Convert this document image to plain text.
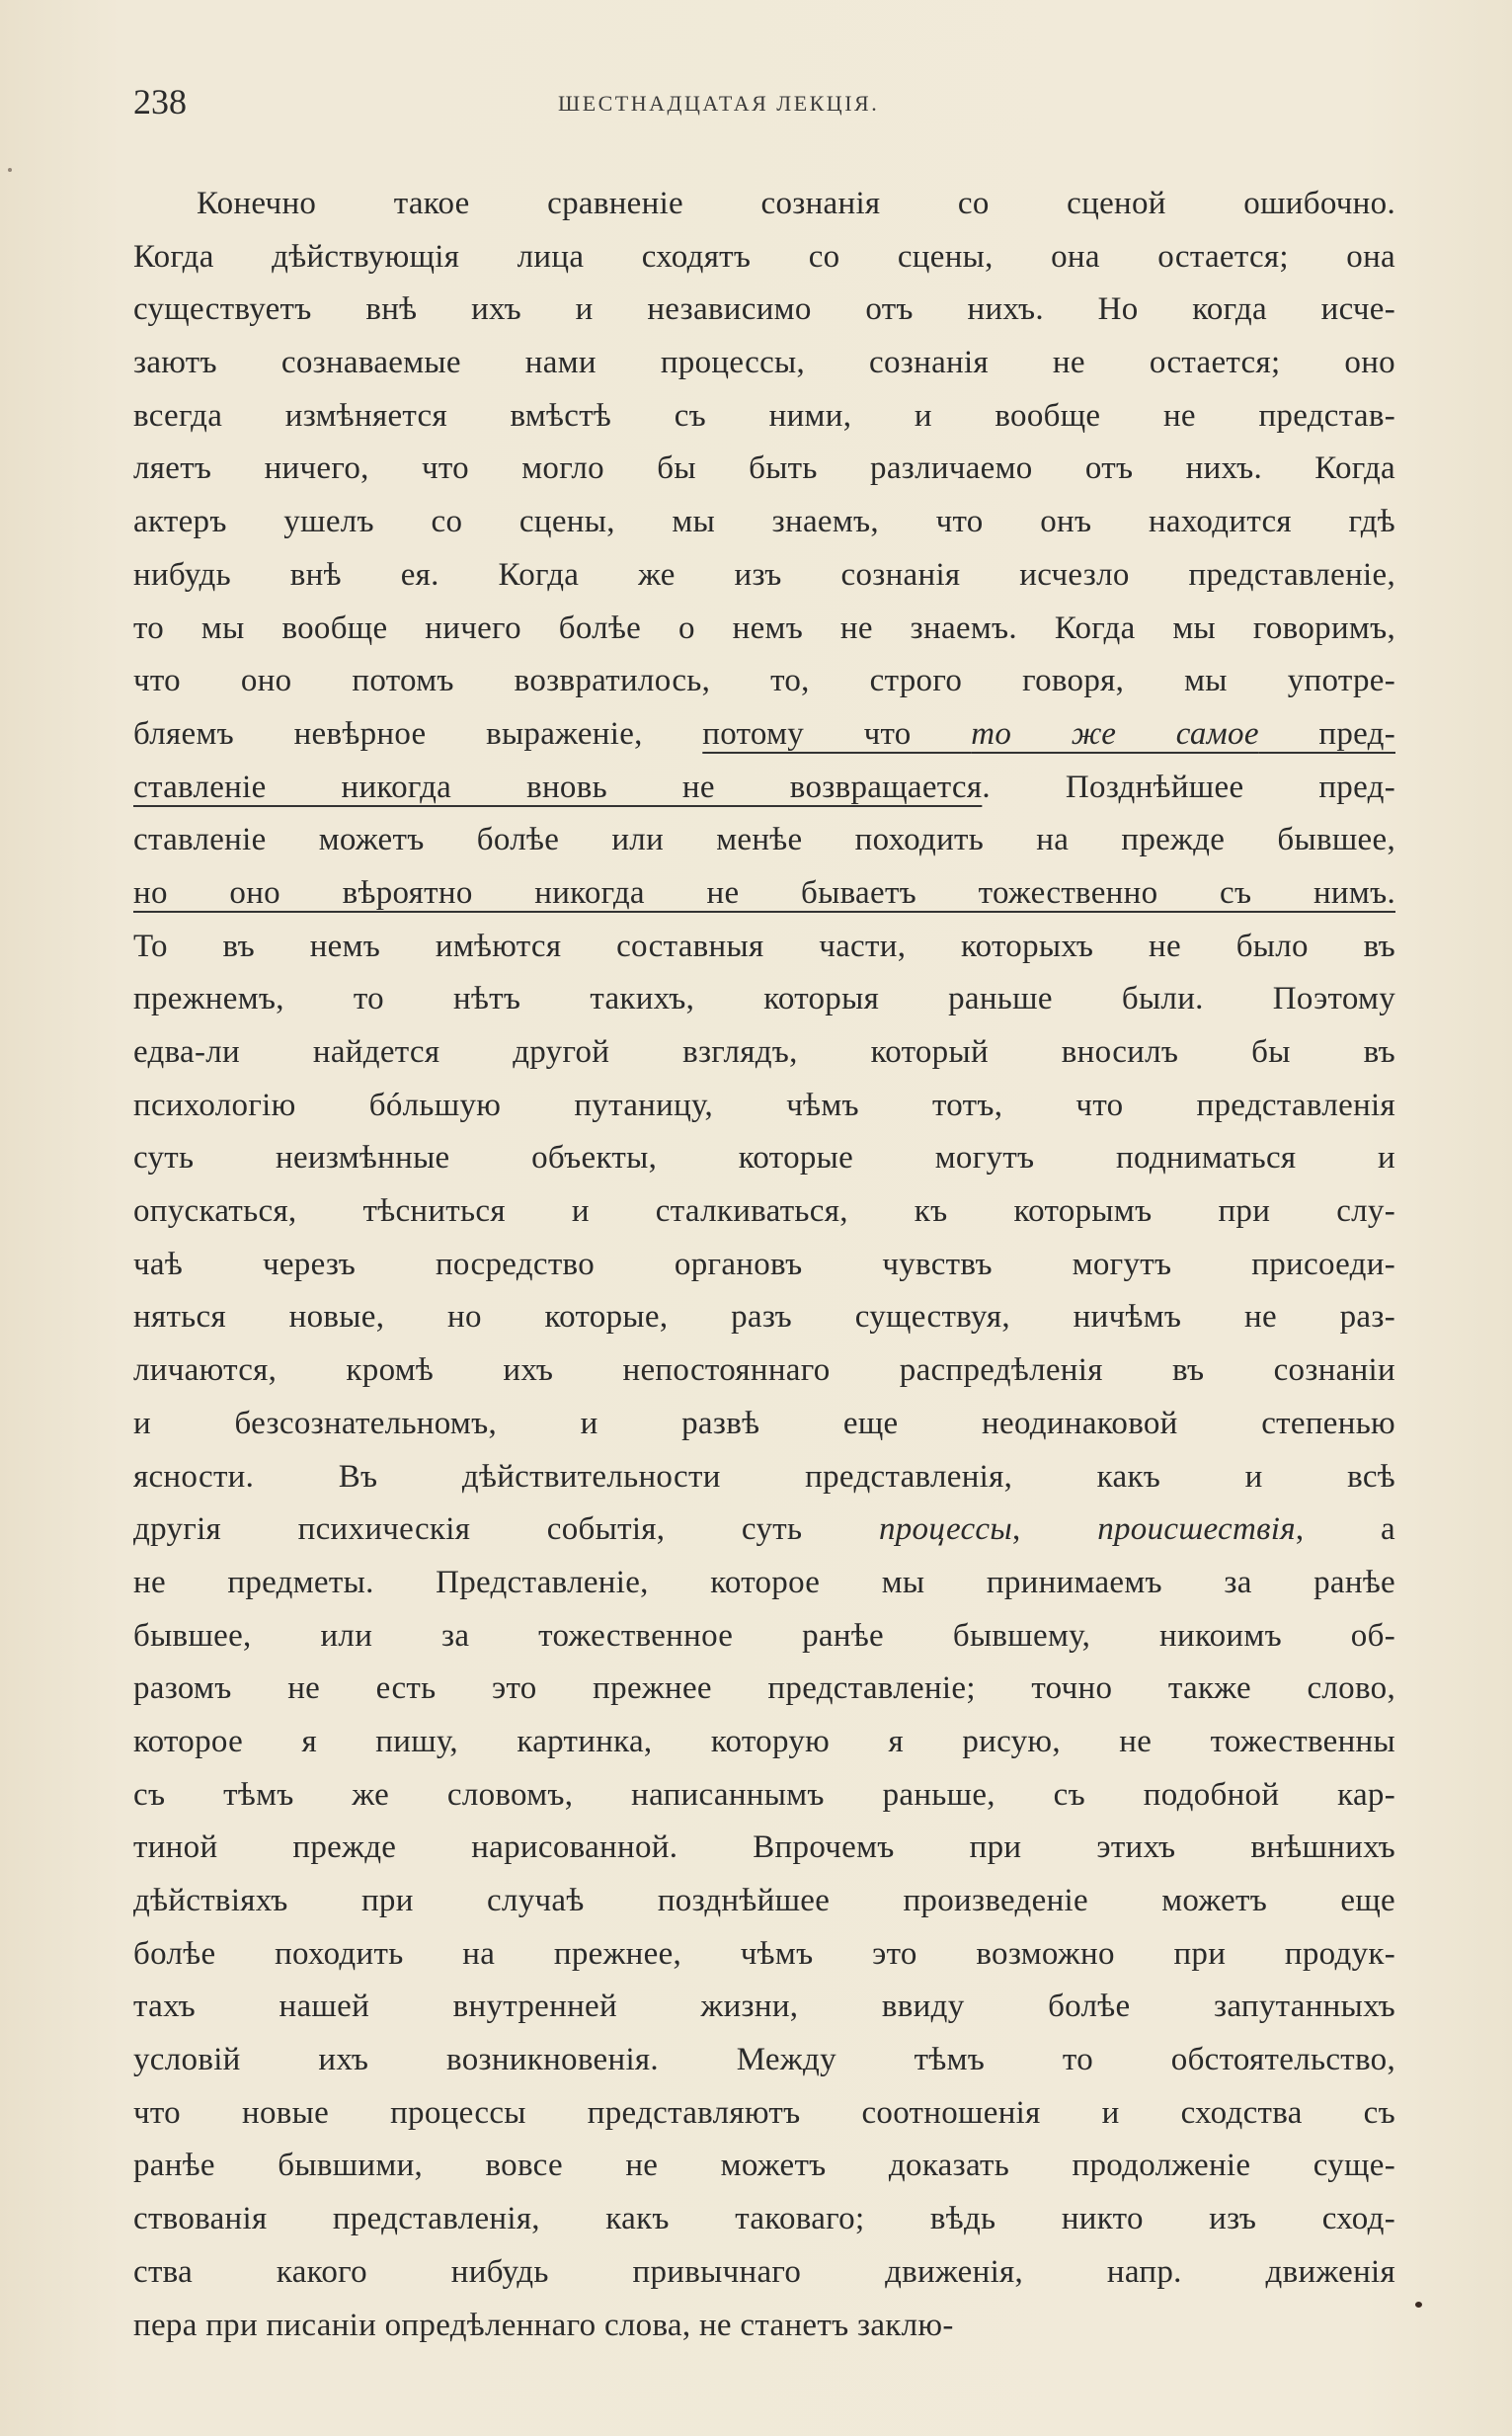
238	ШЕСТНАДЦАТАЯ ЛЕКЦІЯ.
Конечно такое сравненіе сознанія со сценой ошибочно.
Когда дѣйствующія лица сходятъ со сцены, она остается; она
существуетъ внѣ ихъ и независимо отъ нихъ. Но когда исче-
заютъ сознаваемые нами процессы, сознанія не остается; оно
всегда измѣняется вмѣстѣ съ ними, и вообще не представ-
ляетъ ничего, что могло бы быть различаемо отъ нихъ. Когда
актеръ ушелъ со сцены, мы знаемъ, что онъ находится гдѣ
нибудь внѣ ея. Когда же изъ сознанія исчезло представленіе,
то мы вообще ничего болѣе о немъ не знаемъ. Когда мы говоримъ,
что оно потомъ возвратилось, то, строго говоря, мы употре-
бляемъ невѣрное выраженіе, потому что то же самое пред-
ставленіе никогда вновь не возвращается. Позднѣйшее пред-
ставленіе можетъ болѣе или менѣе походить на прежде бывшее,
но оно вѣроятно никогда не бываетъ тожественно съ нимъ.
То въ немъ имѣются составныя части, которыхъ не было въ
прежнемъ, то нѣтъ такихъ, которыя раньше были. Поэтому
едва-ли найдется другой взглядъ, который вносилъ бы въ
психологію бóльшую путаницу, чѣмъ тотъ, что представленія
суть неизмѣнные объекты, которые могутъ подниматься и
опускаться, тѣсниться и сталкиваться, къ которымъ при слу-
чаѣ черезъ посредство органовъ чувствъ могутъ присоеди-
няться новые, но которые, разъ существуя, ничѣмъ не раз-
личаются, кромѣ ихъ непостояннаго распредѣленія въ сознаніи
и безсознательномъ, и развѣ еще неодинаковой степенью
ясности. Въ дѣйствительности представленія, какъ и всѣ
другія психическія событія, суть процессы, происшествія, а
не предметы. Представленіе, которое мы принимаемъ за ранѣе
бывшее, или за тожественное ранѣе бывшему, никоимъ об-
разомъ не есть это прежнее представленіе; точно также слово,
которое я пишу, картинка, которую я рисую, не тожественны
съ тѣмъ же словомъ, написаннымъ раньше, съ подобной кар-
тиной прежде нарисованной. Впрочемъ при этихъ внѣшнихъ
дѣйствіяхъ при случаѣ позднѣйшее произведеніе можетъ еще
болѣе походить на прежнее, чѣмъ это возможно при продук-
тахъ нашей внутренней жизни, ввиду болѣе запутанныхъ
условій ихъ возникновенія. Между тѣмъ то обстоятельство,
что новые процессы представляютъ соотношенія и сходства съ
ранѣе бывшими, вовсе не можетъ доказать продолженіе суще-
ствованія представленія, какъ таковаго; вѣдь никто изъ сход-
ства какого нибудь привычнаго движенія, напр. движенія
пера при писаніи опредѣленнаго слова, не станетъ заклю-
